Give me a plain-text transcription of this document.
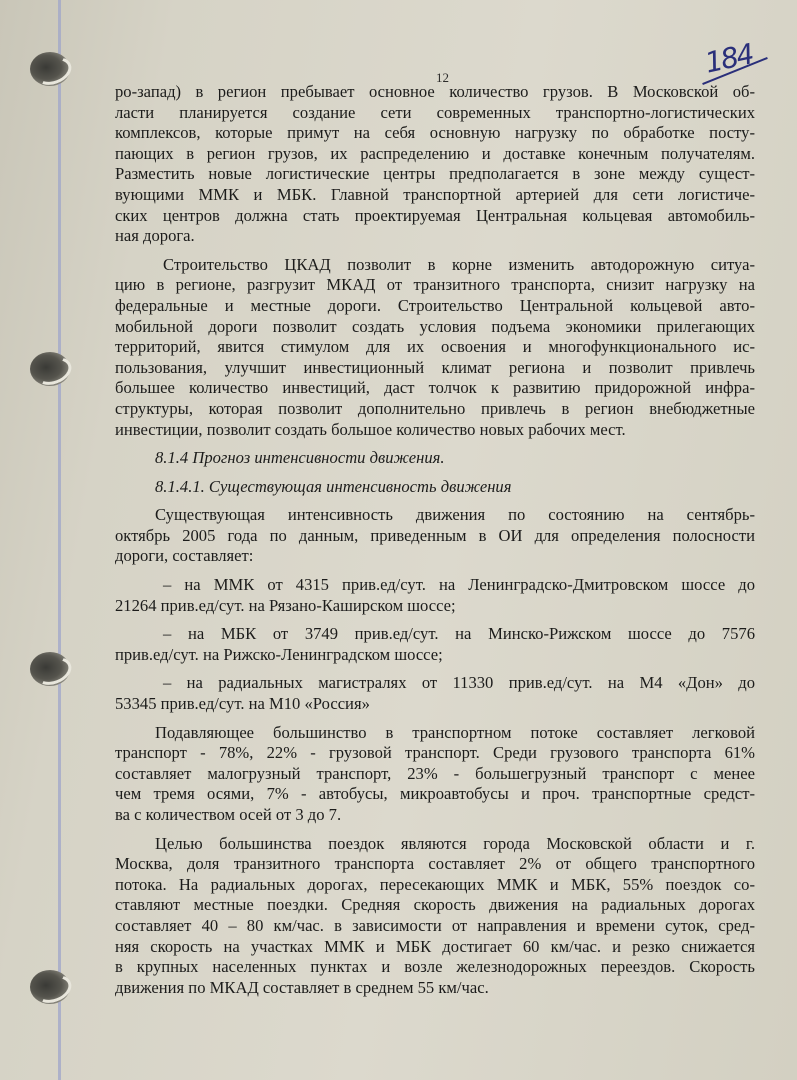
12	184
ро-запад) в регион пребывает основное количество грузов. В Московской об-
ласти планируется создание сети современных транспортно-логистических
комплексов, которые примут на себя основную нагрузку по обработке посту-
пающих в регион грузов, их распределению и доставке конечным получателям.
Разместить новые логистические центры предполагается в зоне между сущест-
вующими ММК и МБК. Главной транспортной артерией для сети логистиче-
ских центров должна стать проектируемая Центральная кольцевая автомобиль-
ная дорога.
Строительство ЦКАД позволит в корне изменить автодорожную ситуа-
цию в регионе, разгрузит МКАД от транзитного транспорта, снизит нагрузку на
федеральные и местные дороги. Строительство Центральной кольцевой авто-
мобильной дороги позволит создать условия подъема экономики прилегающих
территорий, явится стимулом для их освоения и многофункционального ис-
пользования, улучшит инвестиционный климат региона и позволит привлечь
большее количество инвестиций, даст толчок к развитию придорожной инфра-
структуры, которая позволит дополнительно привлечь в регион внебюджетные
инвестиции, позволит создать большое количество новых рабочих мест.
8.1.4 Прогноз интенсивности движения.
8.1.4.1. Существующая интенсивность движения
Существующая интенсивность движения по состоянию на сентябрь-
октябрь 2005 года по данным, приведенным в ОИ для определения полосности
дороги, составляет:
– на ММК от 4315 прив.ед/сут. на Ленинградско-Дмитровском шоссе до
21264 прив.ед/сут. на Рязано-Каширском шоссе;
– на МБК от 3749 прив.ед/сут. на Минско-Рижском шоссе до 7576
прив.ед/сут. на Рижско-Ленинградском шоссе;
– на радиальных магистралях от 11330 прив.ед/сут. на М4 «Дон» до
53345 прив.ед/сут. на М10 «Россия»
Подавляющее большинство в транспортном потоке составляет легковой
транспорт - 78%, 22% - грузовой транспорт. Среди грузового транспорта 61%
составляет малогрузный транспорт, 23% - большегрузный транспорт с менее
чем тремя осями, 7% - автобусы, микроавтобусы и проч. транспортные средст-
ва с количеством осей от 3 до 7.
Целью большинства поездок являются города Московской области и г.
Москва, доля транзитного транспорта составляет 2% от общего транспортного
потока. На радиальных дорогах, пересекающих ММК и МБК, 55% поездок со-
ставляют местные поездки. Средняя скорость движения на радиальных дорогах
составляет 40 – 80 км/час. в зависимости от направления и времени суток, сред-
няя скорость на участках ММК и МБК достигает 60 км/час. и резко снижается
в крупных населенных пунктах и возле железнодорожных переездов. Скорость
движения по МКАД составляет в среднем 55 км/час.
